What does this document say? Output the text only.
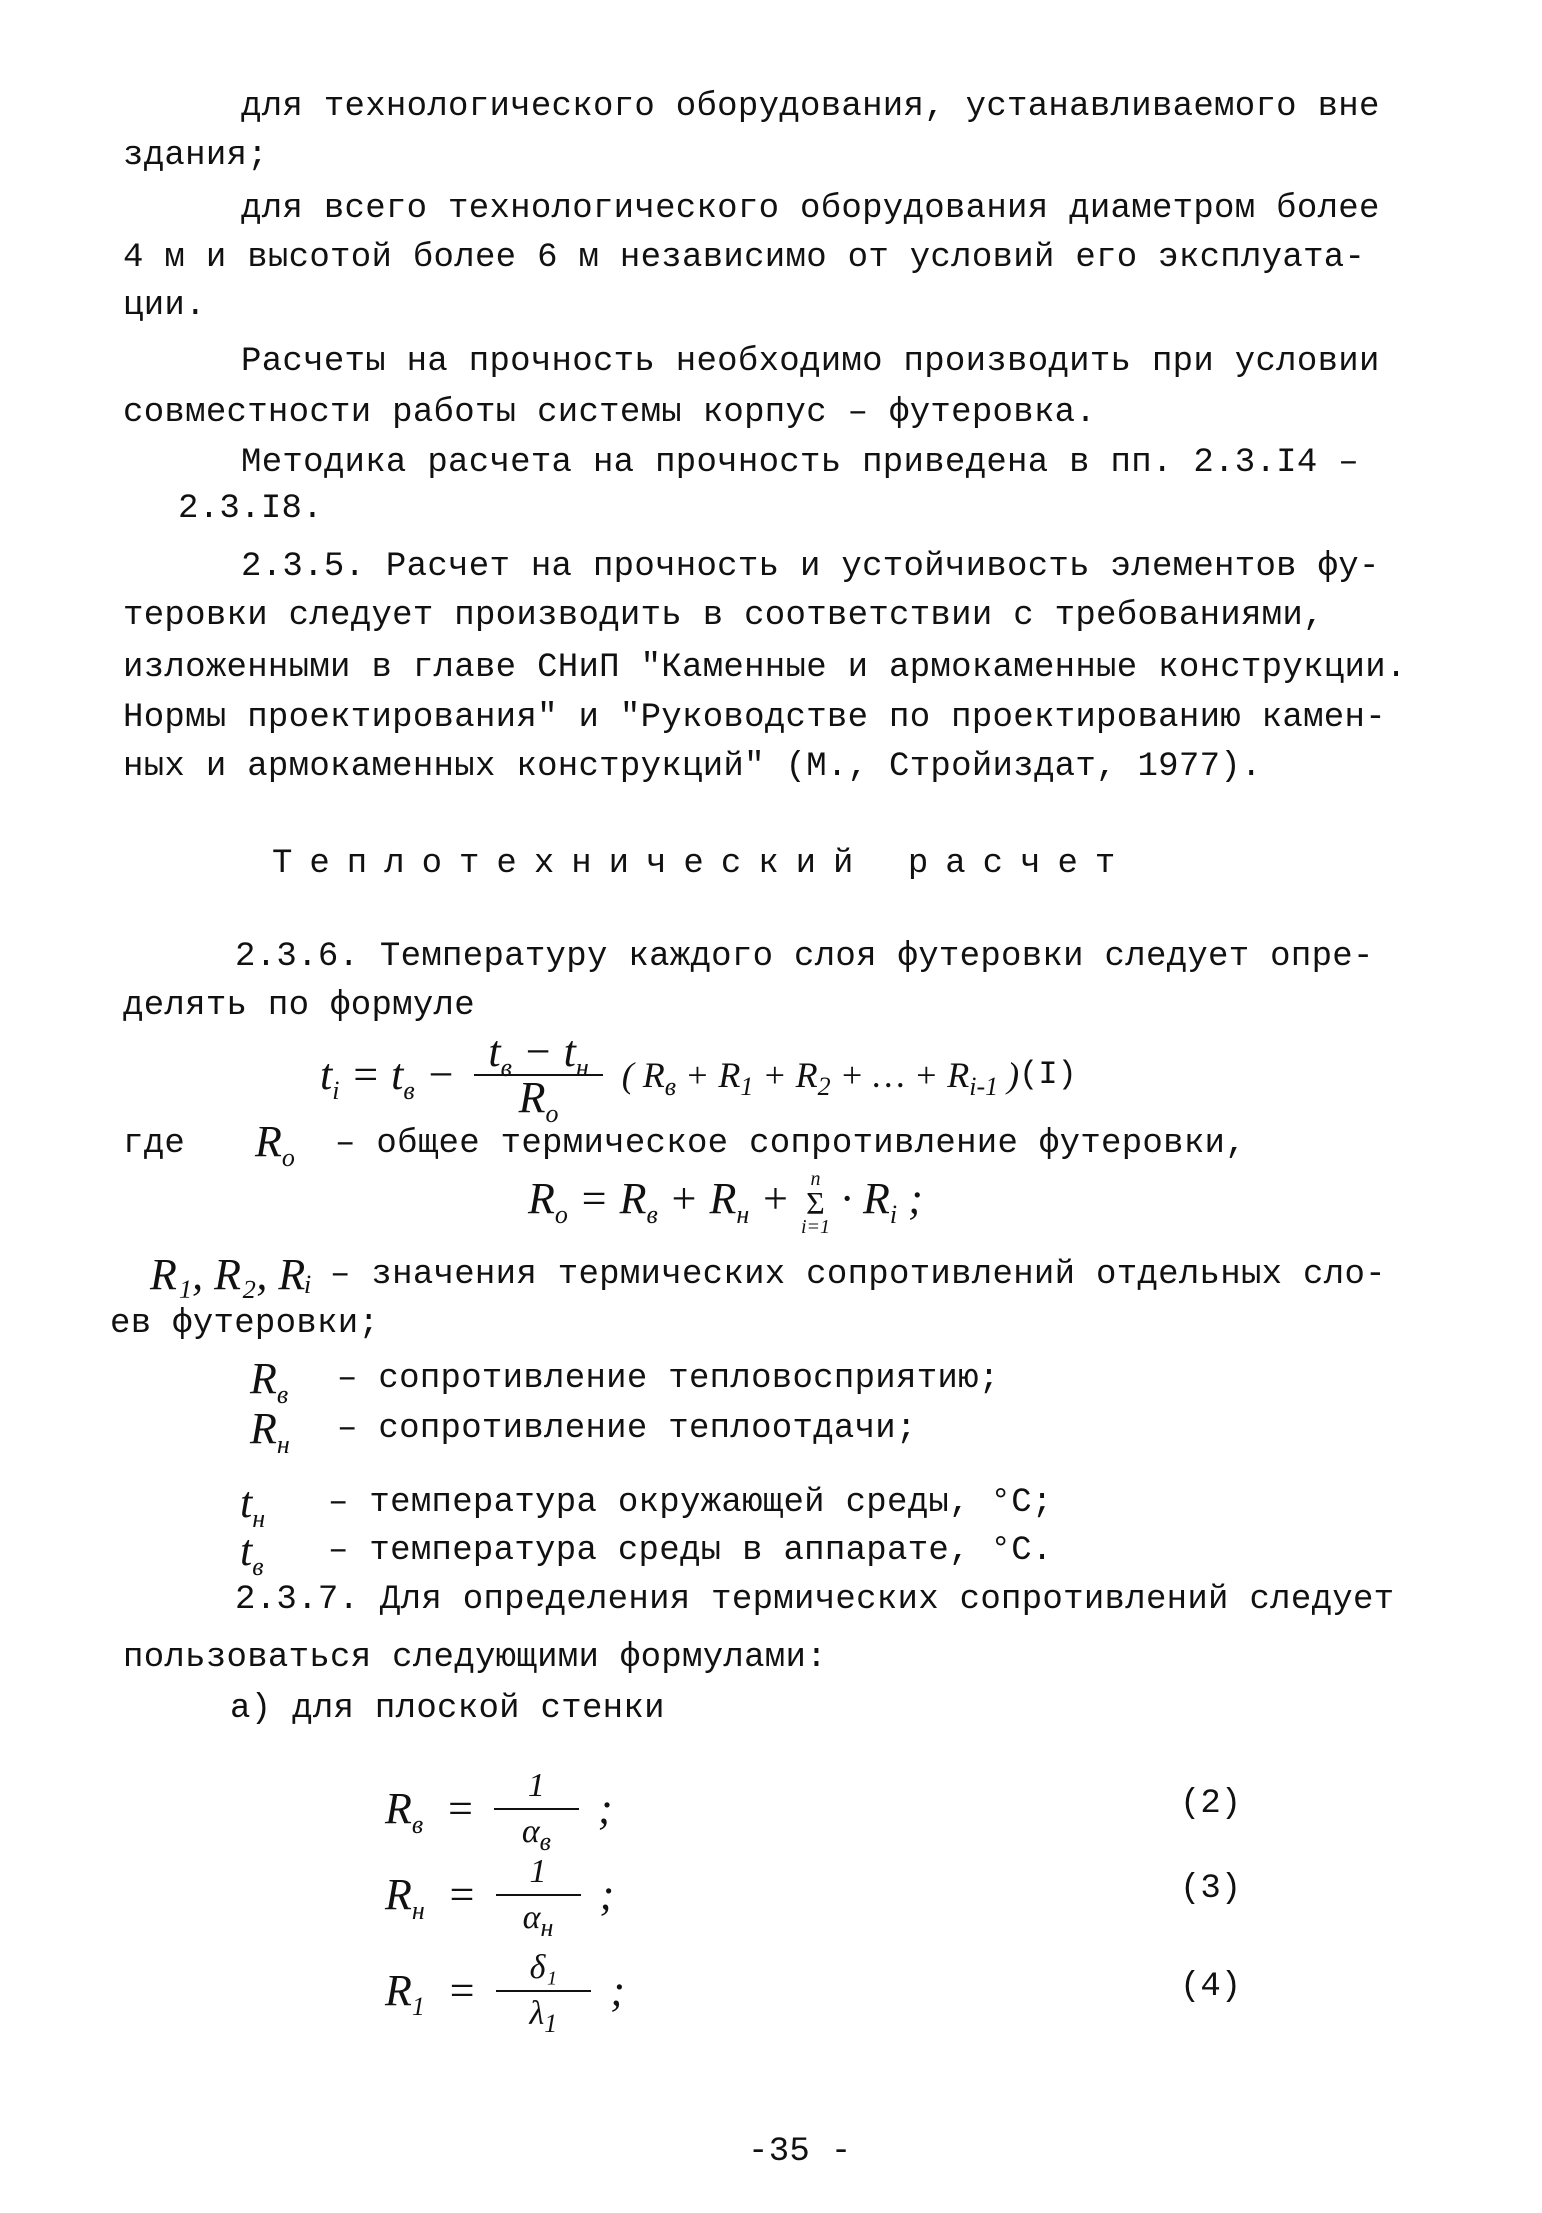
для технологического оборудования, устанавливаемого вне
здания;
для всего технологического оборудования диаметром более
4 м и высотой более 6 м независимо от условий его эксплуата-
ции.
Расчеты на прочность необходимо производить при условии
совместности работы системы корпус – футеровка.
Методика расчета на прочность приведена в пп. 2.3.I4 –
2.3.I8.
2.3.5. Расчет на прочность и устойчивость элементов фу-
теровки следует производить в соответствии с требованиями,
изложенными в главе СНиП "Каменные и армокаменные конструкции.
Нормы проектирования" и "Руководстве по проектированию камен-
ных и армокаменных конструкций" (М., Стройиздат, 1977).
Теплотехнический расчет
2.3.6. Температуру каждого слоя футеровки следует опре-
делять по формуле
$t_i = t_в - \frac{t_в - t_н}{R_o}$ ( $R_в + R_1 + R_2$ + … + $R_{i-1}$ )(I)
где $R_o$ – общее термическое сопротивление футеровки,
$R_o = R_в + R_н + n$
Σ
i=1
· $R_i$ ;
R₁, R₂, Rᵢ – значения термических сопротивлений отдельных сло-
ев футеровки;
$R_в$ – сопротивление тепловосприятию;
$R_н$ – сопротивление теплоотдачи;
$t_н$ – температура окружающей среды, °С;
$t_в$ – температура среды в аппарате, °С.
2.3.7. Для определения термических сопротивлений следует
пользоваться следующими формулами:
а) для плоской стенки
$R_в = \frac{1}{\alpha_в}$ ;	(2)
$R_н = \frac{1}{\alpha_н}$ ;	(3)
$R_1 = \frac{\text{δ₁}}{\lambda_1}$ ;	(4)
-35 -
